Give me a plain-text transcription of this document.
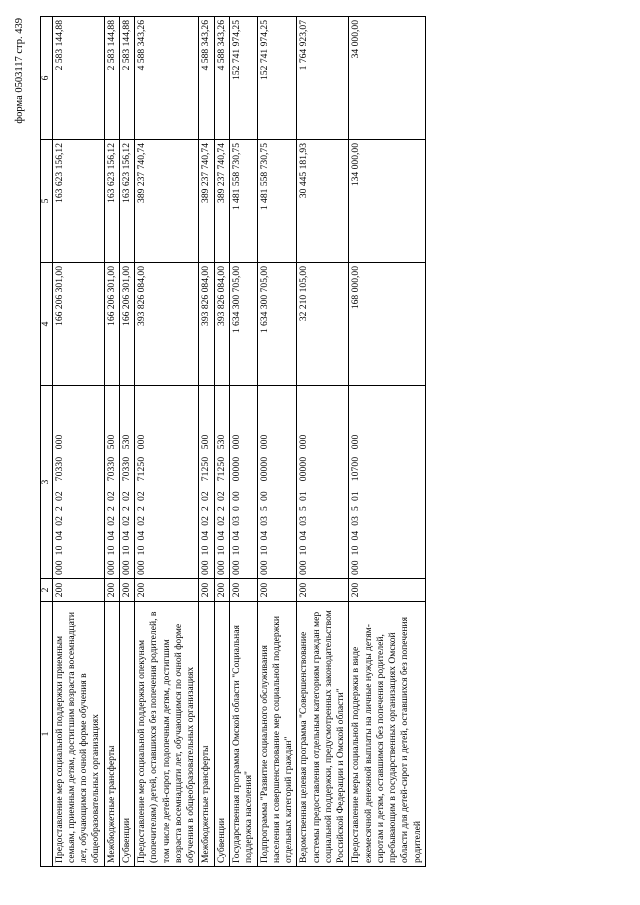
форма 0503117 стр. 439
1	2	3	4	5	6
Предоставление мер социальной поддержки приемным семьям, приемным детям, достигшим возраста восемнадцати лет, обучающимся по очной форме обучения в общеобразовательных организациях	200	000  10  04  02  2  02    70330   000	166 206 301,00	163 623 156,12	2 583 144,88
Межбюджетные трансферты	200	000  10  04  02  2  02    70330   500	166 206 301,00	163 623 156,12	2 583 144,88
Субвенции	200	000  10  04  02  2  02    70330   530	166 206 301,00	163 623 156,12	2 583 144,88
Предоставление мер социальной поддержки опекунам (попечителям) детей, оставшихся без попечения родителей, в том числе детей-сирот, подопечным детям, достигшим возраста восемнадцати лет, обучающимся по очной форме обучения в общеобразовательных организациях	200	000  10  04  02  2  02    71250   000	393 826 084,00	389 237 740,74	4 588 343,26
Межбюджетные трансферты	200	000  10  04  02  2  02    71250   500	393 826 084,00	389 237 740,74	4 588 343,26
Субвенции	200	000  10  04  02  2  02    71250   530	393 826 084,00	389 237 740,74	4 588 343,26
Государственная программа Омской области "Социальная поддержка населения"	200	000  10  04  03  0  00    00000   000	1 634 300 705,00	1 481 558 730,75	152 741 974,25
Подпрограмма "Развитие социального обслуживания населения и совершенствование мер социальной поддержки отдельных категорий граждан"	200	000  10  04  03  5  00    00000   000	1 634 300 705,00	1 481 558 730,75	152 741 974,25
Ведомственная целевая программа "Совершенствование системы предоставления отдельным категориям граждан мер социальной поддержки, предусмотренных законодательством Российской Федерации и Омской области"	200	000  10  04  03  5  01    00000   000	32 210 105,00	30 445 181,93	1 764 923,07
Предоставление меры социальной поддержки в виде ежемесячной денежной выплаты на личные нужды детям-сиротам и детям, оставшимся без попечения родителей, пребывающим в государственных организациях Омской области для детей-сирот и детей, оставшихся без попечения родителей	200	000  10  04  03  5  01    10700   000	168 000,00	134 000,00	34 000,00
